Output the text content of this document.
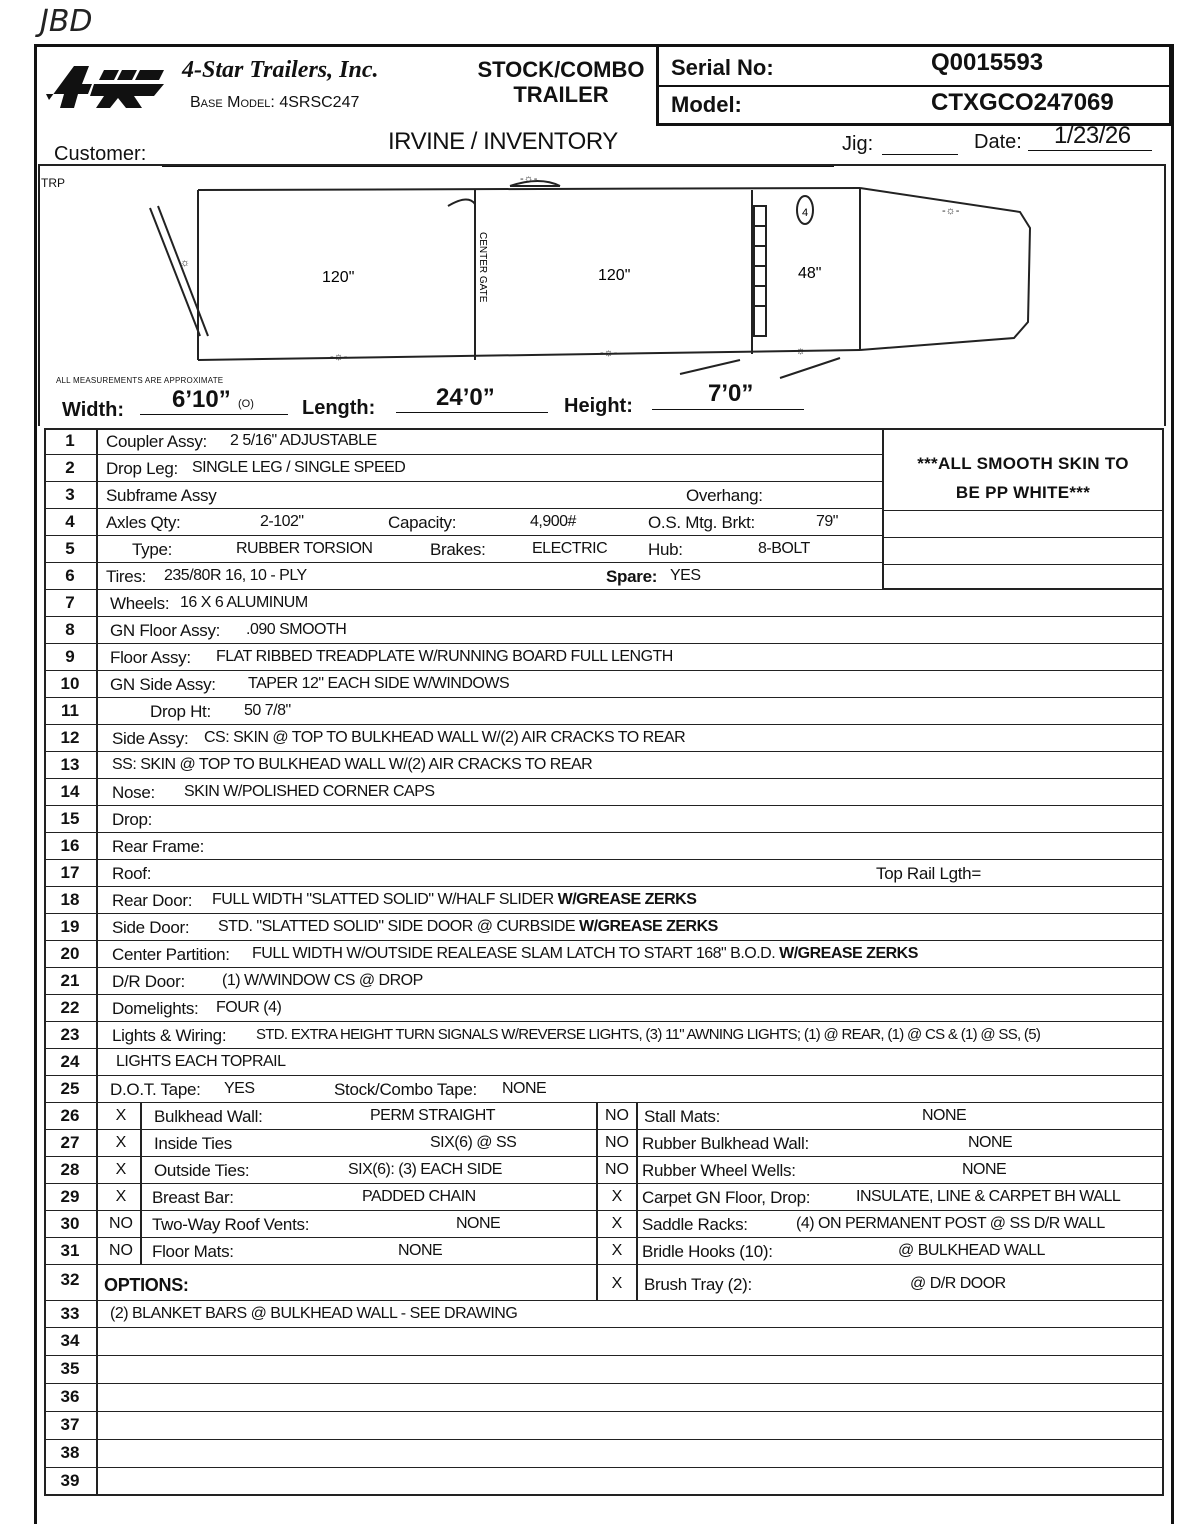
JBD
4-Star Trailers, Inc.
Base Model: 4SRSC247
STOCK/COMBO
TRAILER
Serial No:	Q0015593
Model:	CTXGCO247069
Customer:	IRVINE / INVENTORY	Jig:	Date: 1/23/26
TRP
-☼-	-☼-	-☼-
-☼-
-☼-
☼
120"	120"	48"
4
CENTER GATE
ALL MEASUREMENTS ARE APPROXIMATE
Width: 6’10” (O) Length:	24’0”	Height:	7’0”
1	Coupler Assy: 2 5/16" ADJUSTABLE
2	Drop Leg: SINGLE LEG / SINGLE SPEED
3	Subframe Assy	Overhang:
4	Axles Qty:	2-102"	Capacity:	4,900#	O.S. Mtg. Brkt:	79"
5	Type:	RUBBER TORSION	Brakes:	ELECTRIC Hub:	8-BOLT
6	Tires: 235/80R 16, 10 - PLY	Spare: YES
7	Wheels: 16 X 6 ALUMINUM
8	GN Floor Assy: .090 SMOOTH
9	Floor Assy: FLAT RIBBED TREADPLATE W/RUNNING BOARD FULL LENGTH
10	GN Side Assy: TAPER 12" EACH SIDE W/WINDOWS
11	Drop Ht: 50 7/8"
12	Side Assy: CS: SKIN @ TOP TO BULKHEAD WALL W/(2) AIR CRACKS TO REAR
13	SS: SKIN @ TOP TO BULKHEAD WALL W/(2) AIR CRACKS TO REAR
14	Nose: SKIN W/POLISHED CORNER CAPS
15	Drop:
16	Rear Frame:
17	Roof:	Top Rail Lgth=
18	Rear Door: FULL WIDTH "SLATTED SOLID" W/HALF SLIDER W/GREASE ZERKS
19	Side Door: STD. "SLATTED SOLID" SIDE DOOR @ CURBSIDE W/GREASE ZERKS
20	Center Partition: FULL WIDTH W/OUTSIDE REALEASE SLAM LATCH TO START 168" B.O.D. W/GREASE ZERKS
21	D/R Door: (1) W/WINDOW CS @ DROP
22	Domelights: FOUR (4)
23	Lights & Wiring: STD. EXTRA HEIGHT TURN SIGNALS W/REVERSE LIGHTS, (3) 11" AWNING LIGHTS; (1) @ REAR, (1) @ CS & (1) @ SS, (5)
24	LIGHTS EACH TOPRAIL
25	D.O.T. Tape: YES	Stock/Combo Tape: NONE
26	X	Bulkhead Wall:	PERM STRAIGHT	NO Stall Mats:	NONE
27	X	Inside Ties	SIX(6) @ SS	NO Rubber Bulkhead Wall:	NONE
28	X	Outside Ties:	SIX(6): (3) EACH SIDE	NO Rubber Wheel Wells:	NONE
29	X	Breast Bar:	PADDED CHAIN	X	Carpet GN Floor, Drop:	INSULATE, LINE & CARPET BH WALL
30	NO Two-Way Roof Vents:	NONE	X	Saddle Racks:	(4) ON PERMANENT POST @ SS D/R WALL
31	NO Floor Mats:	NONE	X	Bridle Hooks (10):	@ BULKHEAD WALL
32	OPTIONS:	X	Brush Tray (2):	@ D/R DOOR
33	(2) BLANKET BARS @ BULKHEAD WALL - SEE DRAWING
34
35
36
37
38
39
***ALL SMOOTH SKIN TO
BE PP WHITE***
